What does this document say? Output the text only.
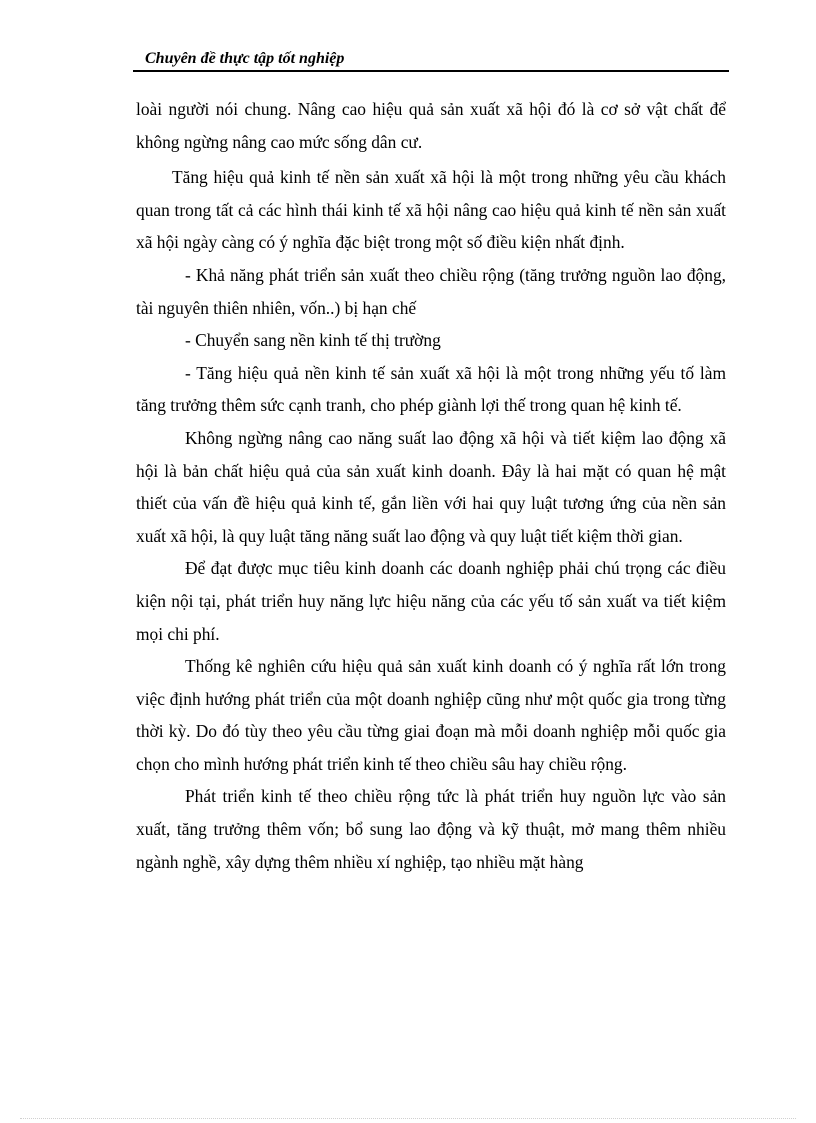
Chuyên đề thực tập tốt nghiệp

loài người nói chung. Nâng cao hiệu quả sản xuất xã hội đó là cơ sở vật chất để không ngừng nâng cao mức sống dân cư.

Tăng hiệu quả kinh tế nền sản xuất xã hội là một trong những yêu cầu khách quan trong tất cả các hình thái kinh tế xã hội nâng cao hiệu quả kinh tế nền sản xuất xã hội ngày càng có ý nghĩa đặc biệt trong một số điều kiện nhất định.

- Khả năng phát triển sản xuất theo chiều rộng (tăng trưởng nguồn lao động, tài nguyên thiên nhiên, vốn..) bị hạn chế

- Chuyển sang nền kinh tế thị trường

- Tăng hiệu quả nền kinh tế sản xuất xã hội là một trong những yếu tố làm tăng trưởng thêm sức cạnh tranh, cho phép giành lợi thế trong quan hệ kinh tế.

Không ngừng nâng cao năng suất lao động xã hội và tiết kiệm lao động xã hội là bản chất hiệu quả của sản xuất kinh doanh. Đây là hai mặt có quan hệ mật thiết của vấn đề hiệu quả kinh tế, gắn liền với hai quy luật tương ứng của nền sản xuất xã hội, là quy luật tăng năng suất lao động và quy luật tiết kiệm thời gian.

Để đạt được mục tiêu kinh doanh các doanh nghiệp phải chú trọng các điều kiện nội tại, phát triển huy năng lực hiệu năng của các yếu tố sản xuất va tiết kiệm mọi chi phí.

Thống kê nghiên cứu hiệu quả sản xuất kinh doanh có ý nghĩa rất lớn trong việc định hướng phát triển của một doanh nghiệp cũng như một quốc gia trong từng thời kỳ. Do đó tùy theo yêu cầu từng giai đoạn mà mỗi doanh nghiệp mỗi quốc gia chọn cho mình hướng phát triển kinh tế theo chiều sâu hay chiều rộng.

Phát triển kinh tế theo chiều rộng tức là phát triển huy nguồn lực vào sản xuất, tăng trưởng thêm vốn; bổ sung lao động và kỹ thuật, mở mang thêm nhiều ngành nghề, xây dựng thêm nhiều xí nghiệp, tạo nhiều mặt hàng
